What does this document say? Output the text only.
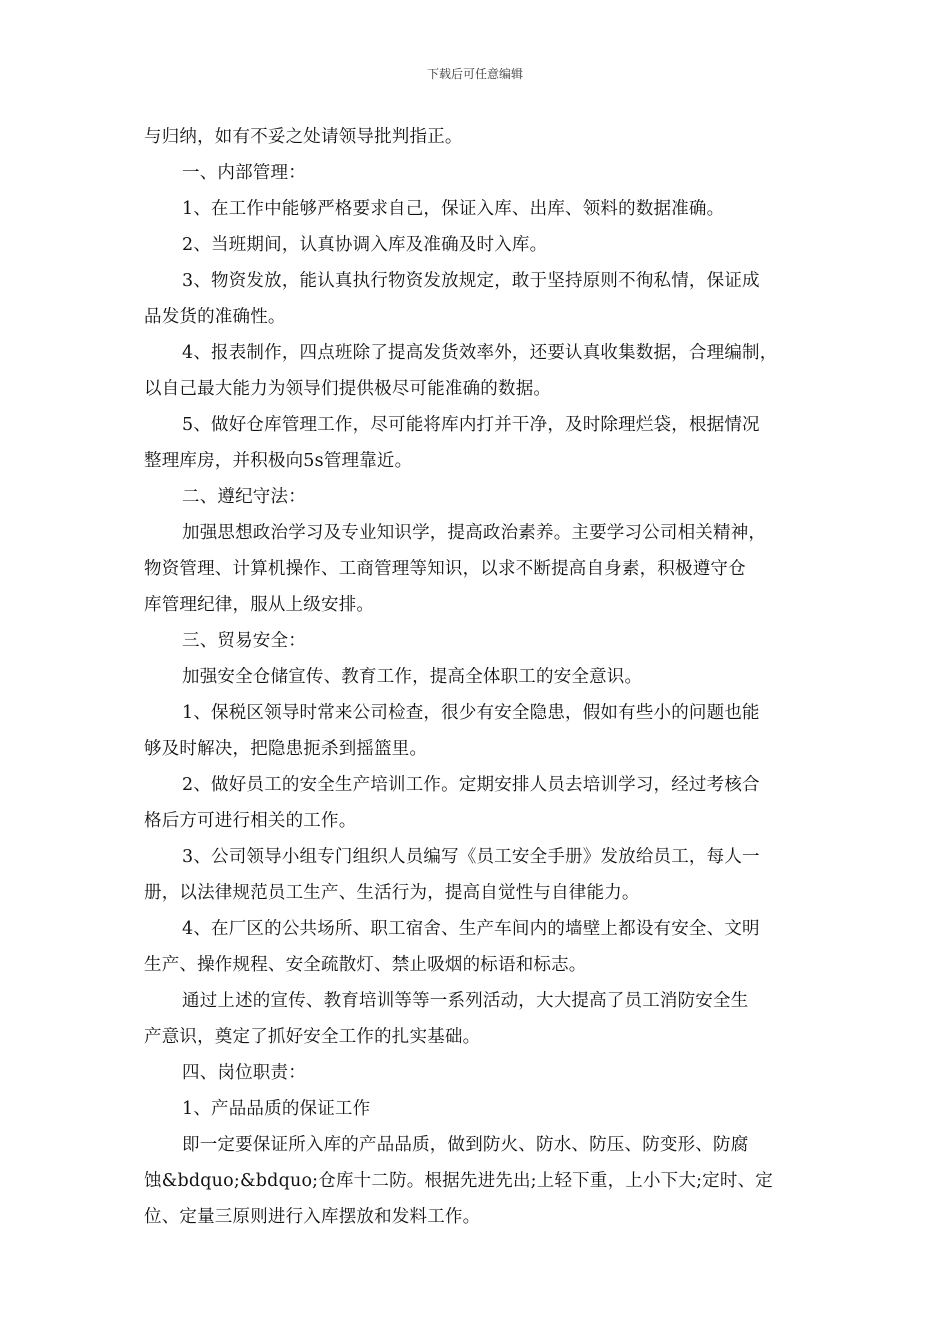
下载后可任意编辑
与归纳，如有不妥之处请领导批判指正。
一、内部管理：
1、在工作中能够严格要求自己，保证入库、出库、领料的数据准确。
2、当班期间，认真协调入库及准确及时入库。
3、物资发放，能认真执行物资发放规定，敢于坚持原则不徇私情，保证成
品发货的准确性。
4、报表制作，四点班除了提高发货效率外，还要认真收集数据，合理编制，
以自己最大能力为领导们提供极尽可能准确的数据。
5、做好仓库管理工作，尽可能将库内打并干净，及时除理烂袋，根据情况
整理库房，并积极向5s管理靠近。
二、遵纪守法：
加强思想政治学习及专业知识学，提高政治素养。主要学习公司相关精神，
物资管理、计算机操作、工商管理等知识，以求不断提高自身素，积极遵守仓
库管理纪律，服从上级安排。
三、贸易安全：
加强安全仓储宣传、教育工作，提高全体职工的安全意识。
1、保税区领导时常来公司检查，很少有安全隐患，假如有些小的问题也能
够及时解决，把隐患扼杀到摇篮里。
2、做好员工的安全生产培训工作。定期安排人员去培训学习，经过考核合
格后方可进行相关的工作。
3、公司领导小组专门组织人员编写《员工安全手册》发放给员工，每人一
册，以法律规范员工生产、生活行为，提高自觉性与自律能力。
4、在厂区的公共场所、职工宿舍、生产车间内的墙壁上都设有安全、文明
生产、操作规程、安全疏散灯、禁止吸烟的标语和标志。
通过上述的宣传、教育培训等等一系列活动，大大提高了员工消防安全生
产意识，奠定了抓好安全工作的扎实基础。
四、岗位职责：
1、产品品质的保证工作
即一定要保证所入库的产品品质，做到防火、防水、防压、防变形、防腐
蚀&bdquo;&bdquo;仓库十二防。根据先进先出;上轻下重，上小下大;定时、定
位、定量三原则进行入库摆放和发料工作。
